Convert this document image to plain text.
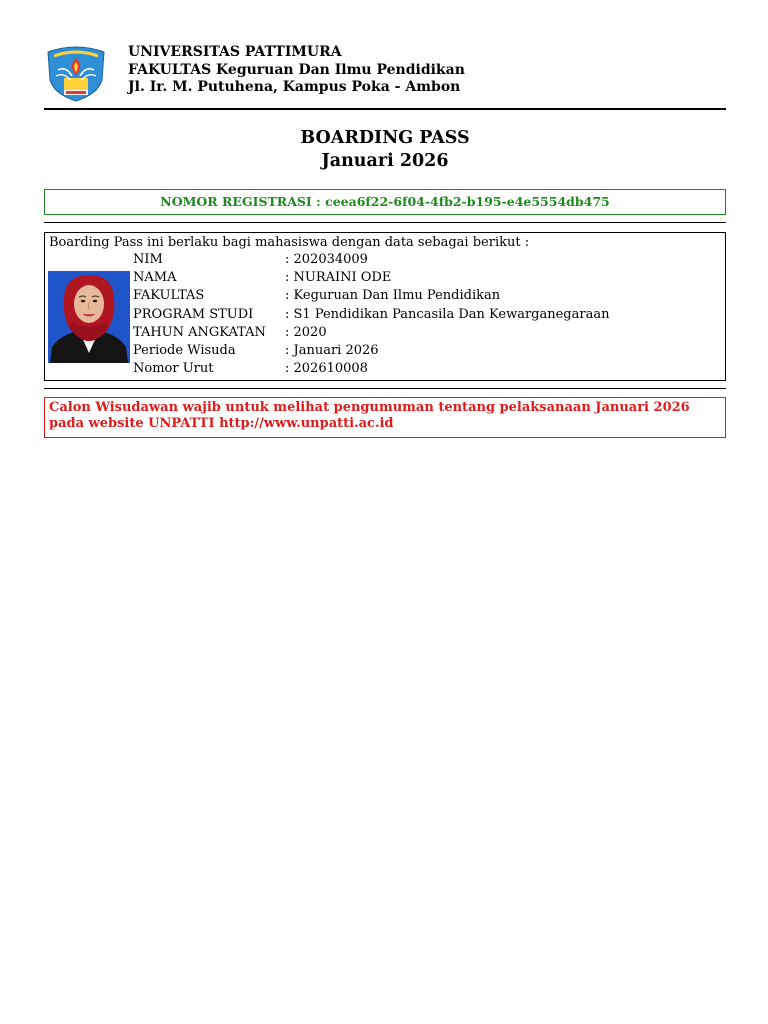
UNIVERSITAS PATTIMURA
FAKULTAS Keguruan Dan Ilmu Pendidikan
Jl. Ir. M. Putuhena, Kampus Poka - Ambon
BOARDING PASS
Januari 2026
NOMOR REGISTRASI : ceea6f22-6f04-4fb2-b195-e4e5554db475
Boarding Pass ini berlaku bagi mahasiswa dengan data sebagai berikut :
NIM	: 202034009
NAMA	: NURAINI ODE
FAKULTAS	: Keguruan Dan Ilmu Pendidikan
PROGRAM STUDI : S1 Pendidikan Pancasila Dan Kewarganegaraan
TAHUN ANGKATAN : 2020
Periode Wisuda	: Januari 2026
Nomor Urut	: 202610008
Calon Wisudawan wajib untuk melihat pengumuman tentang pelaksanaan Januari 2026 pada website UNPATTI http://www.unpatti.ac.id
